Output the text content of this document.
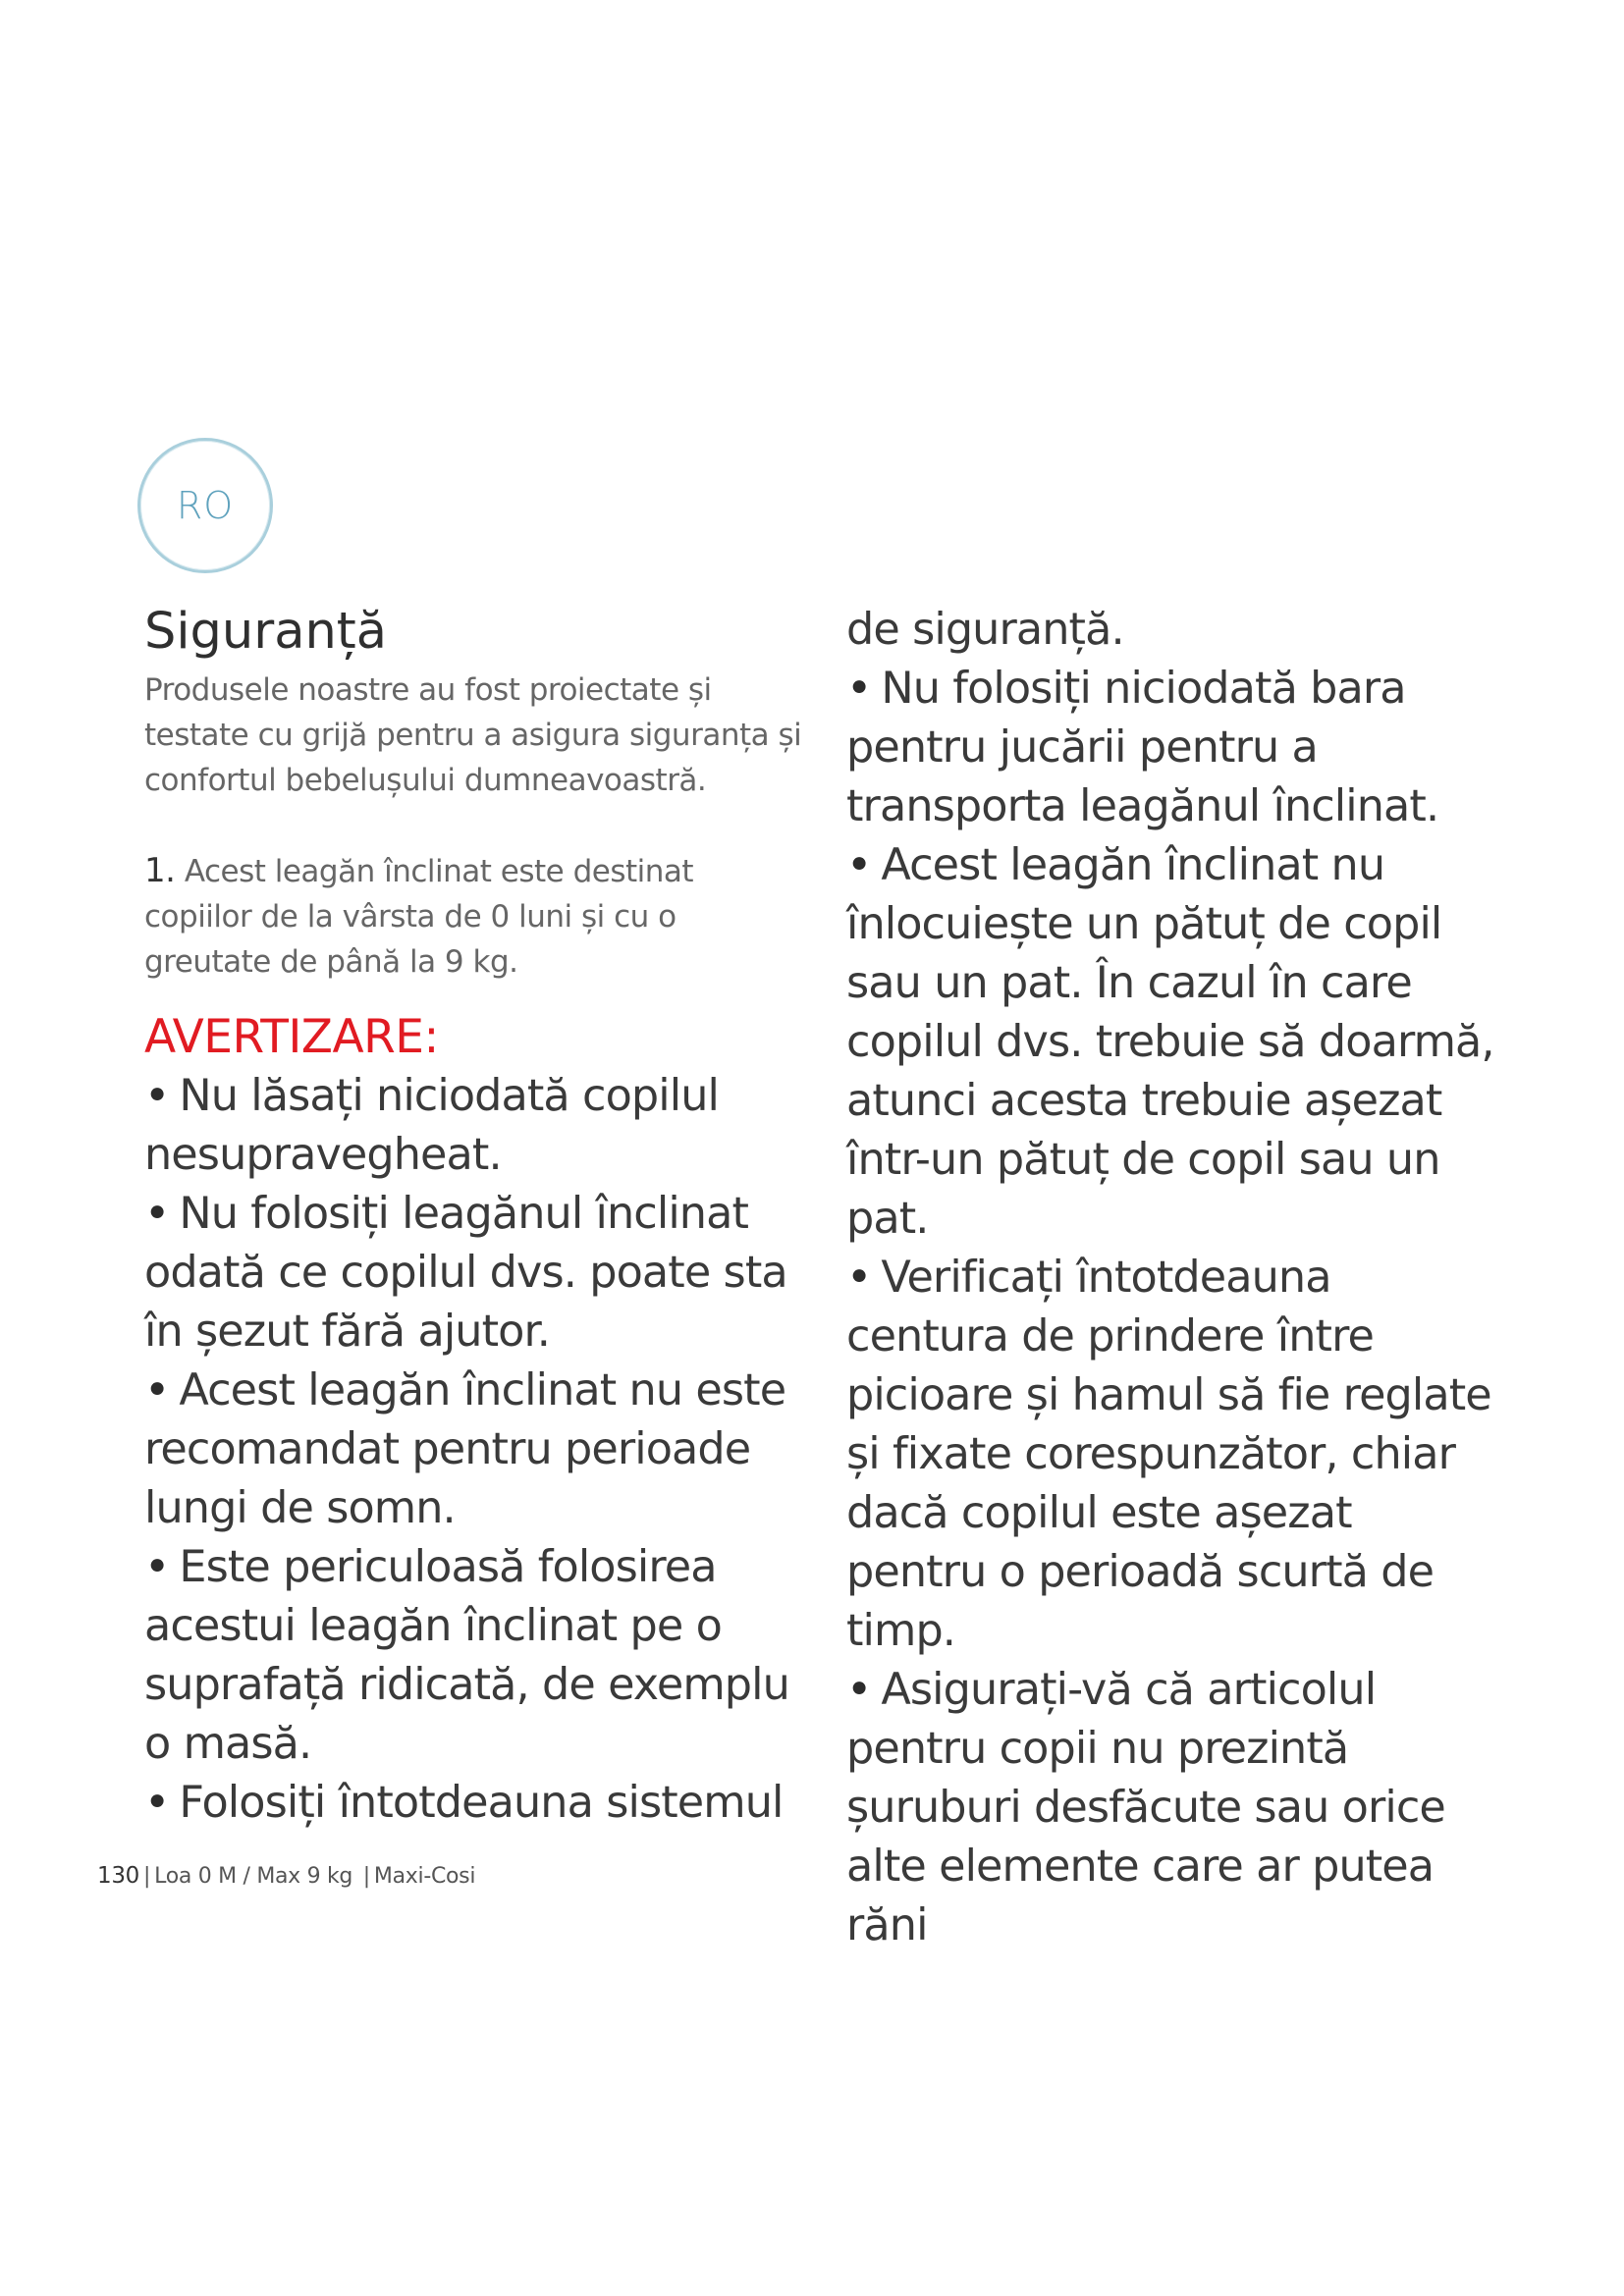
RO
Siguranță

Produsele noastre au fost proiectate și testate cu grijă pentru a asigura siguranța și confortul bebelușului dumneavoastră.

1. Acest leagăn înclinat este destinat copiilor de la vârsta de 0 luni și cu o greutate de până la 9 kg.

AVERTIZARE:
• Nu lăsați niciodată copilul nesupravegheat.
• Nu folosiți leagănul înclinat odată ce copilul dvs. poate sta în șezut fără ajutor.
• Acest leagăn înclinat nu este recomandat pentru perioade lungi de somn.
• Este periculoasă folosirea acestui leagăn înclinat pe o suprafață ridicată, de exemplu o masă.
• Folosiți întotdeauna sistemul
de siguranță.
• Nu folosiți niciodată bara pentru jucării pentru a transporta leagănul înclinat.
• Acest leagăn înclinat nu înlocuiește un pătuț de copil sau un pat. În cazul în care copilul dvs. trebuie să doarmă, atunci acesta trebuie așezat într-un pătuț de copil sau un pat.
• Verificați întotdeauna centura de prindere între picioare și hamul să fie reglate și fixate corespunzător, chiar dacă copilul este așezat pentru o perioadă scurtă de timp.
• Asigurați-vă că articolul pentru copii nu prezintă șuruburi desfăcute sau orice alte elemente care ar putea răni
130 | Loa 0 M / Max 9 kg | Maxi-Cosi
